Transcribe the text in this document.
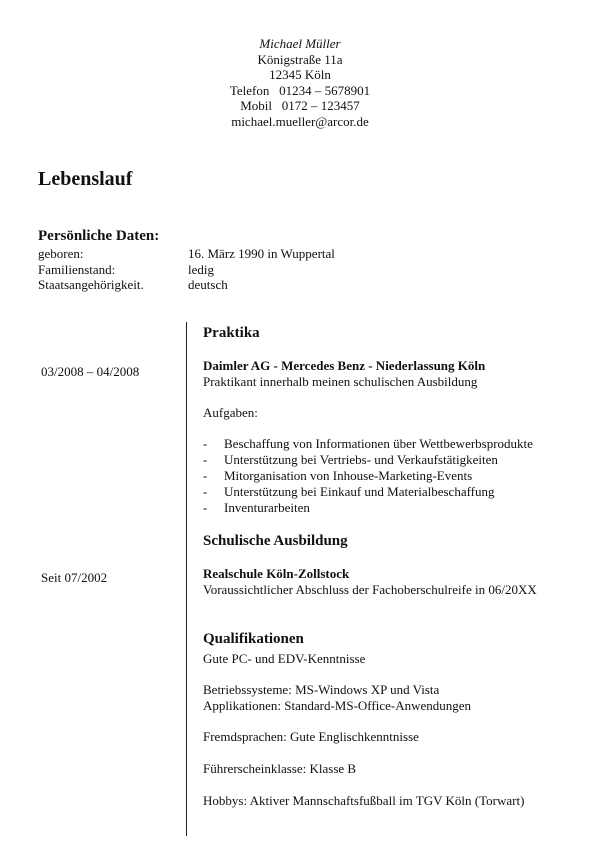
Michael Müller
Königstraße 11a
12345 Köln
Telefon   01234 – 5678901
Mobil   0172 – 123457
michael.mueller@arcor.de
Lebenslauf
Persönliche Daten:
geboren:	16. März 1990 in Wuppertal
Familienstand:	ledig
Staatsangehörigkeit.	deutsch
Praktika
03/2008 – 04/2008	Daimler AG - Mercedes Benz - Niederlassung Köln
Praktikant innerhalb meinen schulischen Ausbildung
Aufgaben:
- Beschaffung von Informationen über Wettbewerbsprodukte
- Unterstützung bei Vertriebs- und Verkaufstätigkeiten
- Mitorganisation von Inhouse-Marketing-Events
- Unterstützung bei Einkauf und Materialbeschaffung
- Inventurarbeiten
Schulische Ausbildung
Seit 07/2002	Realschule Köln-Zollstock
Voraussichtlicher Abschluss der Fachoberschulreife in 06/20XX
Qualifikationen
Gute PC- und EDV-Kenntnisse
Betriebssysteme: MS-Windows XP und Vista
Applikationen: Standard-MS-Office-Anwendungen
Fremdsprachen: Gute Englischkenntnisse
Führerscheinklasse: Klasse B
Hobbys: Aktiver Mannschaftsfußball im TGV Köln (Torwart)
